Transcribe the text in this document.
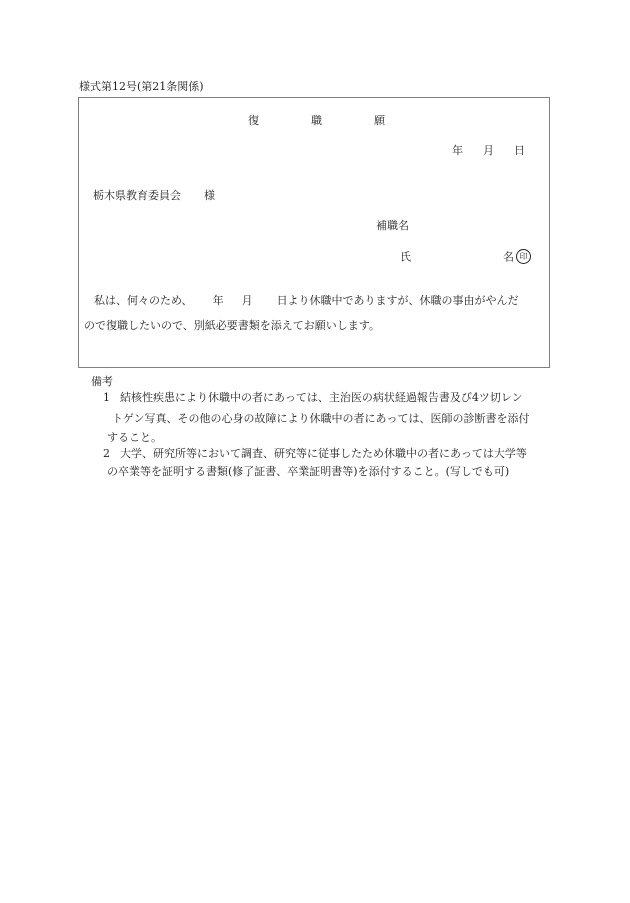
様式第12号(第21条関係)
復	職	願
年 月 日
栃木県教育委員会 様
補職名
氏	名 印
私は、何々のため、 年 月 日より休職中でありますが、休職の事由がやんだ
ので復職したいので、別紙必要書類を添えてお願いします。
備考
1 結核性疾患により休職中の者にあっては、主治医の病状経過報告書及び4ツ切レン
トゲン写真、その他の心身の故障により休職中の者にあっては、医師の診断書を添付
すること。
2 大学、研究所等において調査、研究等に従事したため休職中の者にあっては大学等
の卒業等を証明する書類(修了証書、卒業証明書等)を添付すること。(写しでも可)
